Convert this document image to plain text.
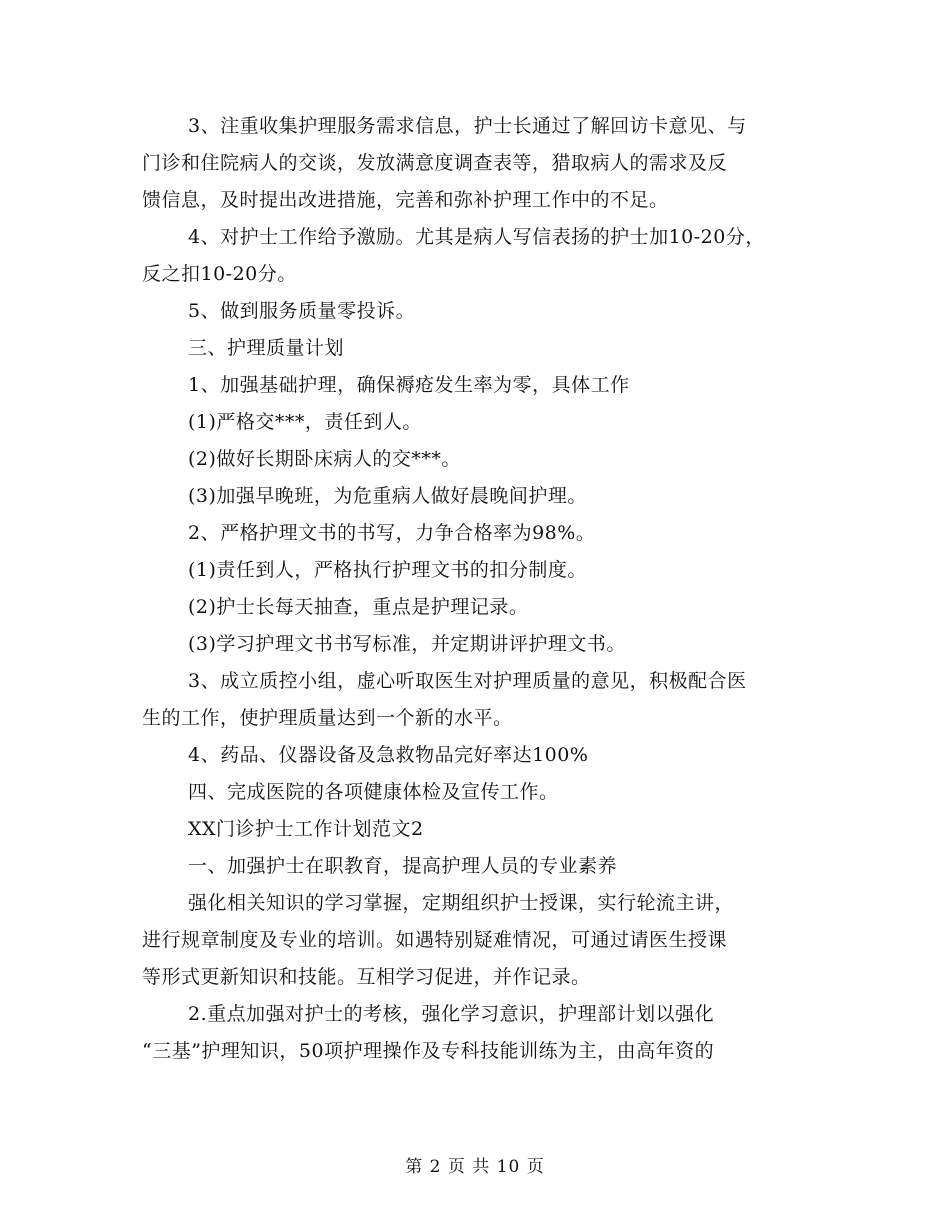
3、注重收集护理服务需求信息，护士长通过了解回访卡意见、与

门诊和住院病人的交谈，发放满意度调查表等，猎取病人的需求及反

馈信息，及时提出改进措施，完善和弥补护理工作中的不足。

4、对护士工作给予激励。尤其是病人写信表扬的护士加10-20分，

反之扣10-20分。

5、做到服务质量零投诉。

三、护理质量计划

1、加强基础护理，确保褥疮发生率为零，具体工作

(1)严格交***，责任到人。

(2)做好长期卧床病人的交***。

(3)加强早晚班，为危重病人做好晨晚间护理。

2、严格护理文书的书写，力争合格率为98%。

(1)责任到人，严格执行护理文书的扣分制度。

(2)护士长每天抽查，重点是护理记录。

(3)学习护理文书书写标准，并定期讲评护理文书。

3、成立质控小组，虚心听取医生对护理质量的意见，积极配合医

生的工作，使护理质量达到一个新的水平。

4、药品、仪器设备及急救物品完好率达100%

四、完成医院的各项健康体检及宣传工作。

XX门诊护士工作计划范文2

一、加强护士在职教育，提高护理人员的专业素养

强化相关知识的学习掌握，定期组织护士授课，实行轮流主讲，

进行规章制度及专业的培训。如遇特别疑难情况，可通过请医生授课

等形式更新知识和技能。互相学习促进，并作记录。

2.重点加强对护士的考核，强化学习意识，护理部计划以强化

“三基”护理知识，50项护理操作及专科技能训练为主，由高年资的

第 2 页 共 10 页
